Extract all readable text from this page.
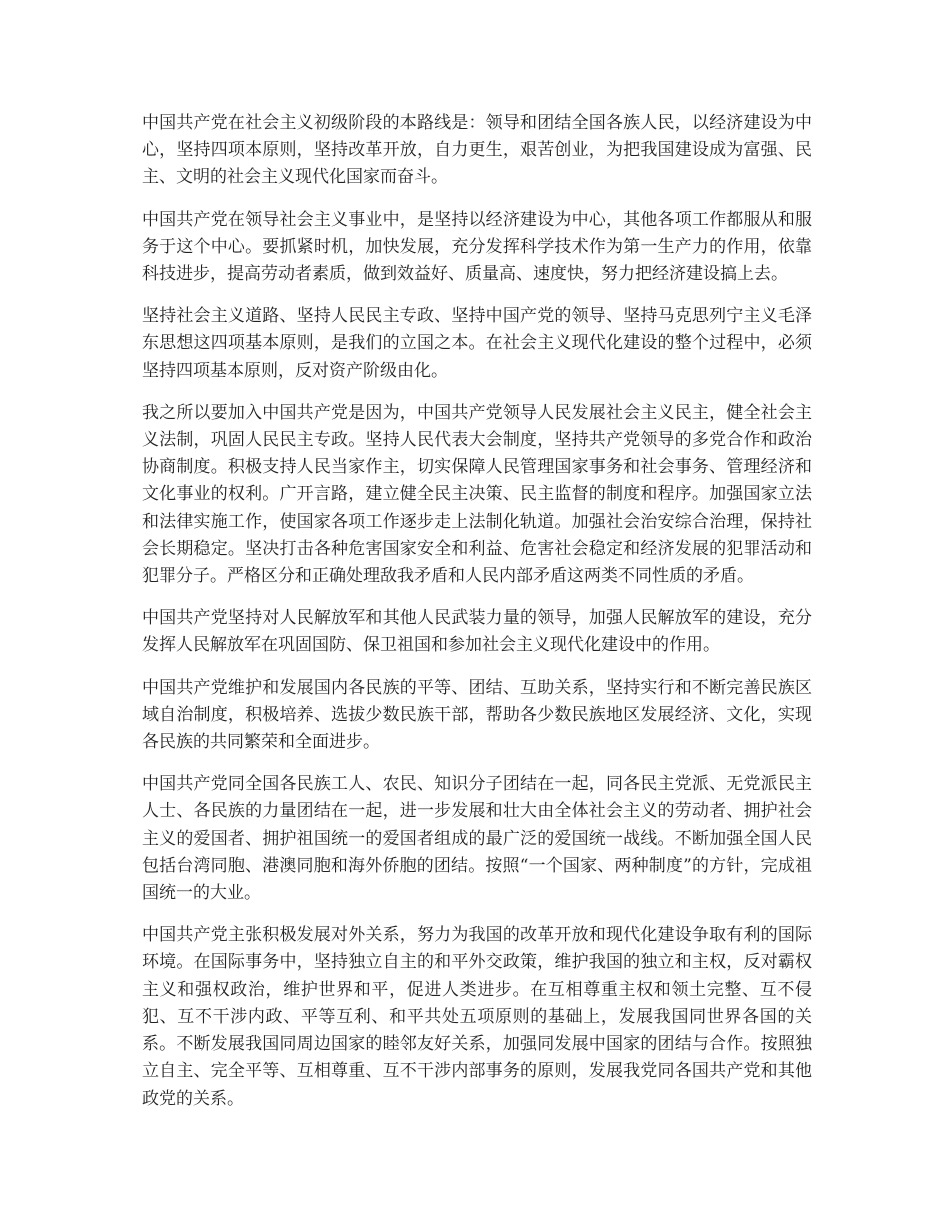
中国共产党在社会主义初级阶段的本路线是：领导和团结全国各族人民，以经济建设为中心，坚持四项本原则，坚持改革开放，自力更生，艰苦创业，为把我国建设成为富强、民主、文明的社会主义现代化国家而奋斗。

中国共产党在领导社会主义事业中，是坚持以经济建设为中心，其他各项工作都服从和服务于这个中心。要抓紧时机，加快发展，充分发挥科学技术作为第一生产力的作用，依靠科技进步，提高劳动者素质，做到效益好、质量高、速度快，努力把经济建设搞上去。

坚持社会主义道路、坚持人民民主专政、坚持中国产党的领导、坚持马克思列宁主义毛泽东思想这四项基本原则，是我们的立国之本。在社会主义现代化建设的整个过程中，必须坚持四项基本原则，反对资产阶级由化。

我之所以要加入中国共产党是因为，中国共产党领导人民发展社会主义民主，健全社会主义法制，巩固人民民主专政。坚持人民代表大会制度，坚持共产党领导的多党合作和政治协商制度。积极支持人民当家作主，切实保障人民管理国家事务和社会事务、管理经济和文化事业的权利。广开言路，建立健全民主决策、民主监督的制度和程序。加强国家立法和法律实施工作，使国家各项工作逐步走上法制化轨道。加强社会治安综合治理，保持社会长期稳定。坚决打击各种危害国家安全和利益、危害社会稳定和经济发展的犯罪活动和犯罪分子。严格区分和正确处理敌我矛盾和人民内部矛盾这两类不同性质的矛盾。

中国共产党坚持对人民解放军和其他人民武装力量的领导，加强人民解放军的建设，充分发挥人民解放军在巩固国防、保卫祖国和参加社会主义现代化建设中的作用。

中国共产党维护和发展国内各民族的平等、团结、互助关系，坚持实行和不断完善民族区域自治制度，积极培养、选拔少数民族干部，帮助各少数民族地区发展经济、文化，实现各民族的共同繁荣和全面进步。

中国共产党同全国各民族工人、农民、知识分子团结在一起，同各民主党派、无党派民主人士、各民族的力量团结在一起，进一步发展和壮大由全体社会主义的劳动者、拥护社会主义的爱国者、拥护祖国统一的爱国者组成的最广泛的爱国统一战线。不断加强全国人民包括台湾同胞、港澳同胞和海外侨胞的团结。按照“一个国家、两种制度”的方针，完成祖国统一的大业。

中国共产党主张积极发展对外关系，努力为我国的改革开放和现代化建设争取有利的国际环境。在国际事务中，坚持独立自主的和平外交政策，维护我国的独立和主权，反对霸权主义和强权政治，维护世界和平，促进人类进步。在互相尊重主权和领土完整、互不侵犯、互不干涉内政、平等互利、和平共处五项原则的基础上，发展我国同世界各国的关系。不断发展我国同周边国家的睦邻友好关系，加强同发展中国家的团结与合作。按照独立自主、完全平等、互相尊重、互不干涉内部事务的原则，发展我党同各国共产党和其他政党的关系。
